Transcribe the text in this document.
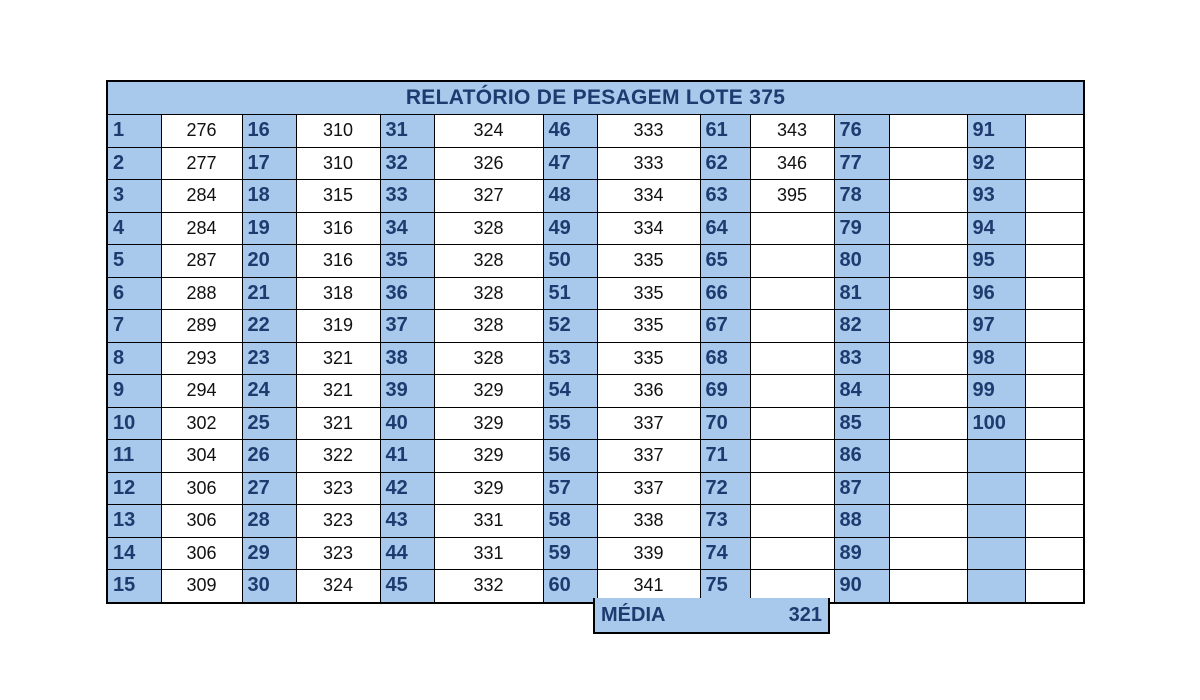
RELATÓRIO DE PESAGEM LOTE 375													
1	276	16	310	31	324	46	333	61	343	76		91	
2	277	17	310	32	326	47	333	62	346	77		92	
3	284	18	315	33	327	48	334	63	395	78		93	
4	284	19	316	34	328	49	334	64		79		94	
5	287	20	316	35	328	50	335	65		80		95	
6	288	21	318	36	328	51	335	66		81		96	
7	289	22	319	37	328	52	335	67		82		97	
8	293	23	321	38	328	53	335	68		83		98	
9	294	24	321	39	329	54	336	69		84		99	
10	302	25	321	40	329	55	337	70		85		100	
11	304	26	322	41	329	56	337	71		86			
12	306	27	323	42	329	57	337	72		87			
13	306	28	323	43	331	58	338	73		88			
14	306	29	323	44	331	59	339	74		89			
15	309	30	324	45	332	60	341	75		90			
MÉDIA	321
